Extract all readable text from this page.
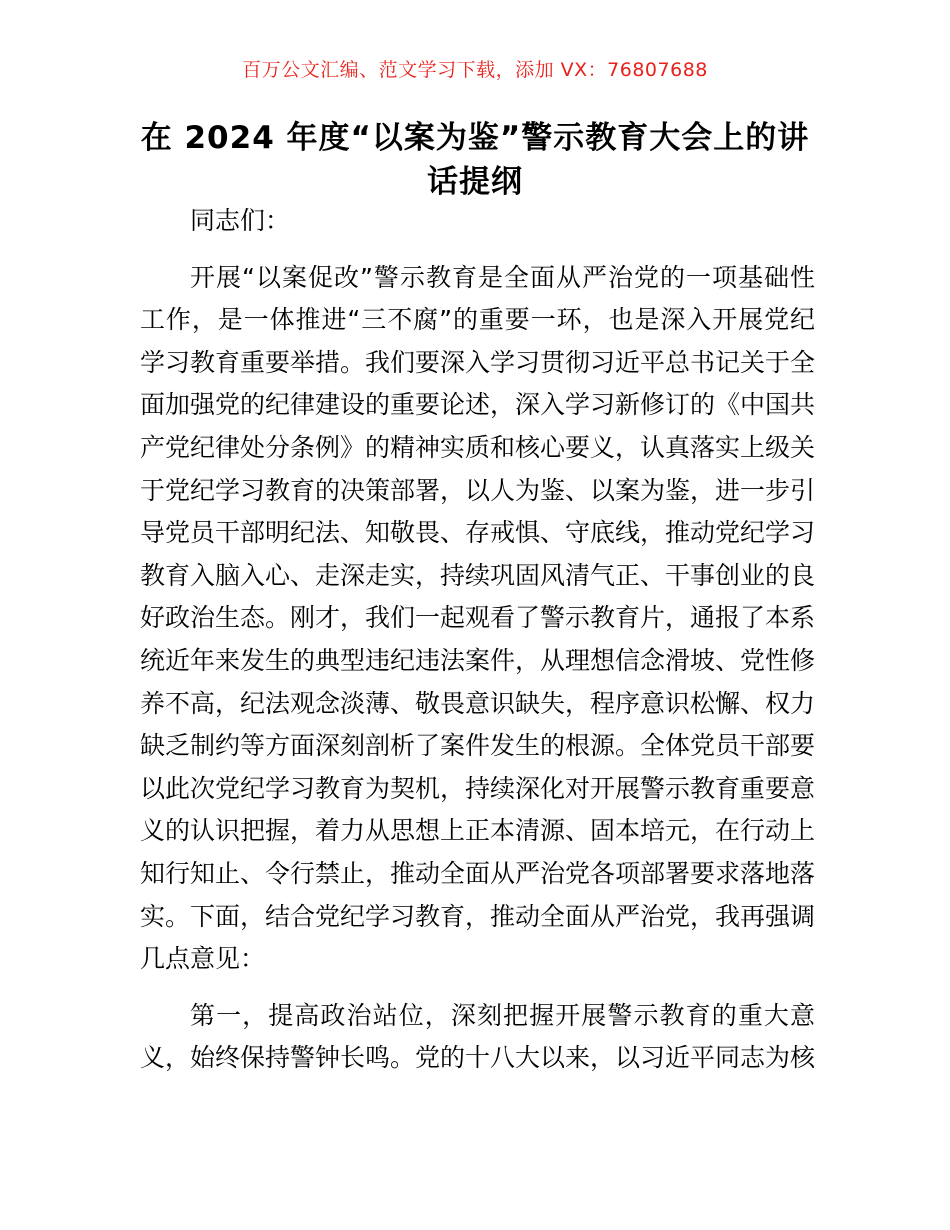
百万公文汇编、范文学习下载，添加 VX：76807688
在 2024 年度“以案为鉴”警示教育大会上的讲话提纲

同志们：

开展“以案促改”警示教育是全面从严治党的一项基础性工作，是一体推进“三不腐”的重要一环，也是深入开展党纪学习教育重要举措。我们要深入学习贯彻习近平总书记关于全面加强党的纪律建设的重要论述，深入学习新修订的《中国共产党纪律处分条例》的精神实质和核心要义，认真落实上级关于党纪学习教育的决策部署，以人为鉴、以案为鉴，进一步引导党员干部明纪法、知敬畏、存戒惧、守底线，推动党纪学习教育入脑入心、走深走实，持续巩固风清气正、干事创业的良好政治生态。刚才，我们一起观看了警示教育片，通报了本系统近年来发生的典型违纪违法案件，从理想信念滑坡、党性修养不高，纪法观念淡薄、敬畏意识缺失，程序意识松懈、权力缺乏制约等方面深刻剖析了案件发生的根源。全体党员干部要以此次党纪学习教育为契机，持续深化对开展警示教育重要意义的认识把握，着力从思想上正本清源、固本培元，在行动上知行知止、令行禁止，推动全面从严治党各项部署要求落地落实。下面，结合党纪学习教育，推动全面从严治党，我再强调几点意见：

第一，提高政治站位，深刻把握开展警示教育的重大意义，始终保持警钟长鸣。党的十八大以来，以习近平同志为核
